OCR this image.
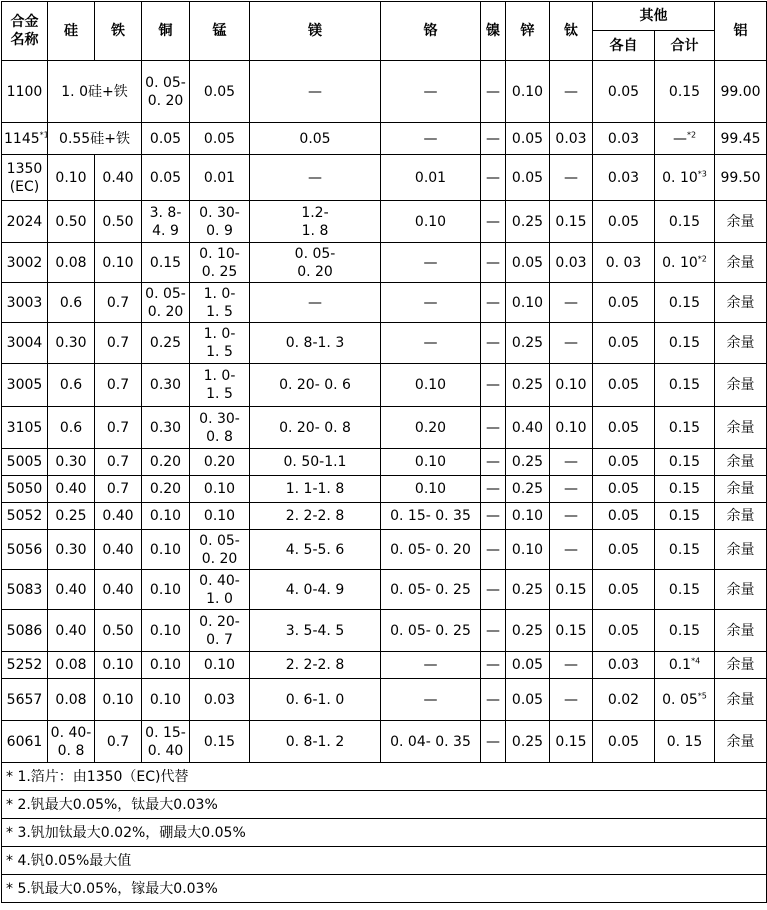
合金
名称	硅	铁	铜	锰	镁	铬	镍	锌	钛	其他		铝
										各自	合计	
1100	1. 0硅+铁		0. 05-
0. 20	0.05	—	—	—	0.10	—	0.05	0.15	99.00
1145$^{*1}$	0.55硅+铁		0.05	0.05	0.05	—	—	0.05	0.03	0.03	—$^{*2}$	99.45
1350
(EC)	0.10	0.40	0.05	0.01	—	0.01	—	0.05	—	0.03	0. 10$^{*3}$	99.50
2024	0.50	0.50	3. 8-
4. 9	0. 30-
0. 9	1.2-
1. 8	0.10	—	0.25	0.15	0.05	0.15	余量
3002	0.08	0.10	0.15	0. 10-
0. 25	0. 05-
0. 20	—	—	0.05	0.03	0. 03	0. 10$^{*2}$	余量
3003	0.6	0.7	0. 05-
0. 20	1. 0-
1. 5	—	—	—	0.10	—	0.05	0.15	余量
3004	0.30	0.7	0.25	1. 0-
1. 5	0. 8-1. 3	—	—	0.25	—	0.05	0.15	余量
3005	0.6	0.7	0.30	1. 0-
1. 5	0. 20- 0. 6	0.10	—	0.25	0.10	0.05	0.15	余量
3105	0.6	0.7	0.30	0. 30-
0. 8	0. 20- 0. 8	0.20	—	0.40	0.10	0.05	0.15	余量
5005	0.30	0.7	0.20	0.20	0. 50-1.1	0.10	—	0.25	—	0.05	0.15	余量
5050	0.40	0.7	0.20	0.10	1. 1-1. 8	0.10	—	0.25	—	0.05	0.15	余量
5052	0.25	0.40	0.10	0.10	2. 2-2. 8	0. 15- 0. 35	—	0.10	—	0.05	0.15	余量
5056	0.30	0.40	0.10	0. 05-
0. 20	4. 5-5. 6	0. 05- 0. 20	—	0.10	—	0.05	0.15	余量
5083	0.40	0.40	0.10	0. 40-
1. 0	4. 0-4. 9	0. 05- 0. 25	—	0.25	0.15	0.05	0.15	余量
5086	0.40	0.50	0.10	0. 20-
0. 7	3. 5-4. 5	0. 05- 0. 25	—	0.25	0.15	0.05	0.15	余量
5252	0.08	0.10	0.10	0.10	2. 2-2. 8	—	—	0.05	—	0.03	0.1$^{*4}$	余量
5657	0.08	0.10	0.10	0.03	0. 6-1. 0	—	—	0.05	—	0.02	0. 05$^{*5}$	余量
6061	0. 40-
0. 8	0.7	0. 15-
0. 40	0.15	0. 8-1. 2	0. 04- 0. 35	—	0.25	0.15	0.05	0. 15	余量
* 1.箔片：由1350（EC)代替												
* 2.钒最大0.05%，钛最大0.03%												
* 3.钒加钛最大0.02%，硼最大0.05%												
* 4.钒0.05%最大值												
* 5.钒最大0.05%，镓最大0.03%												
